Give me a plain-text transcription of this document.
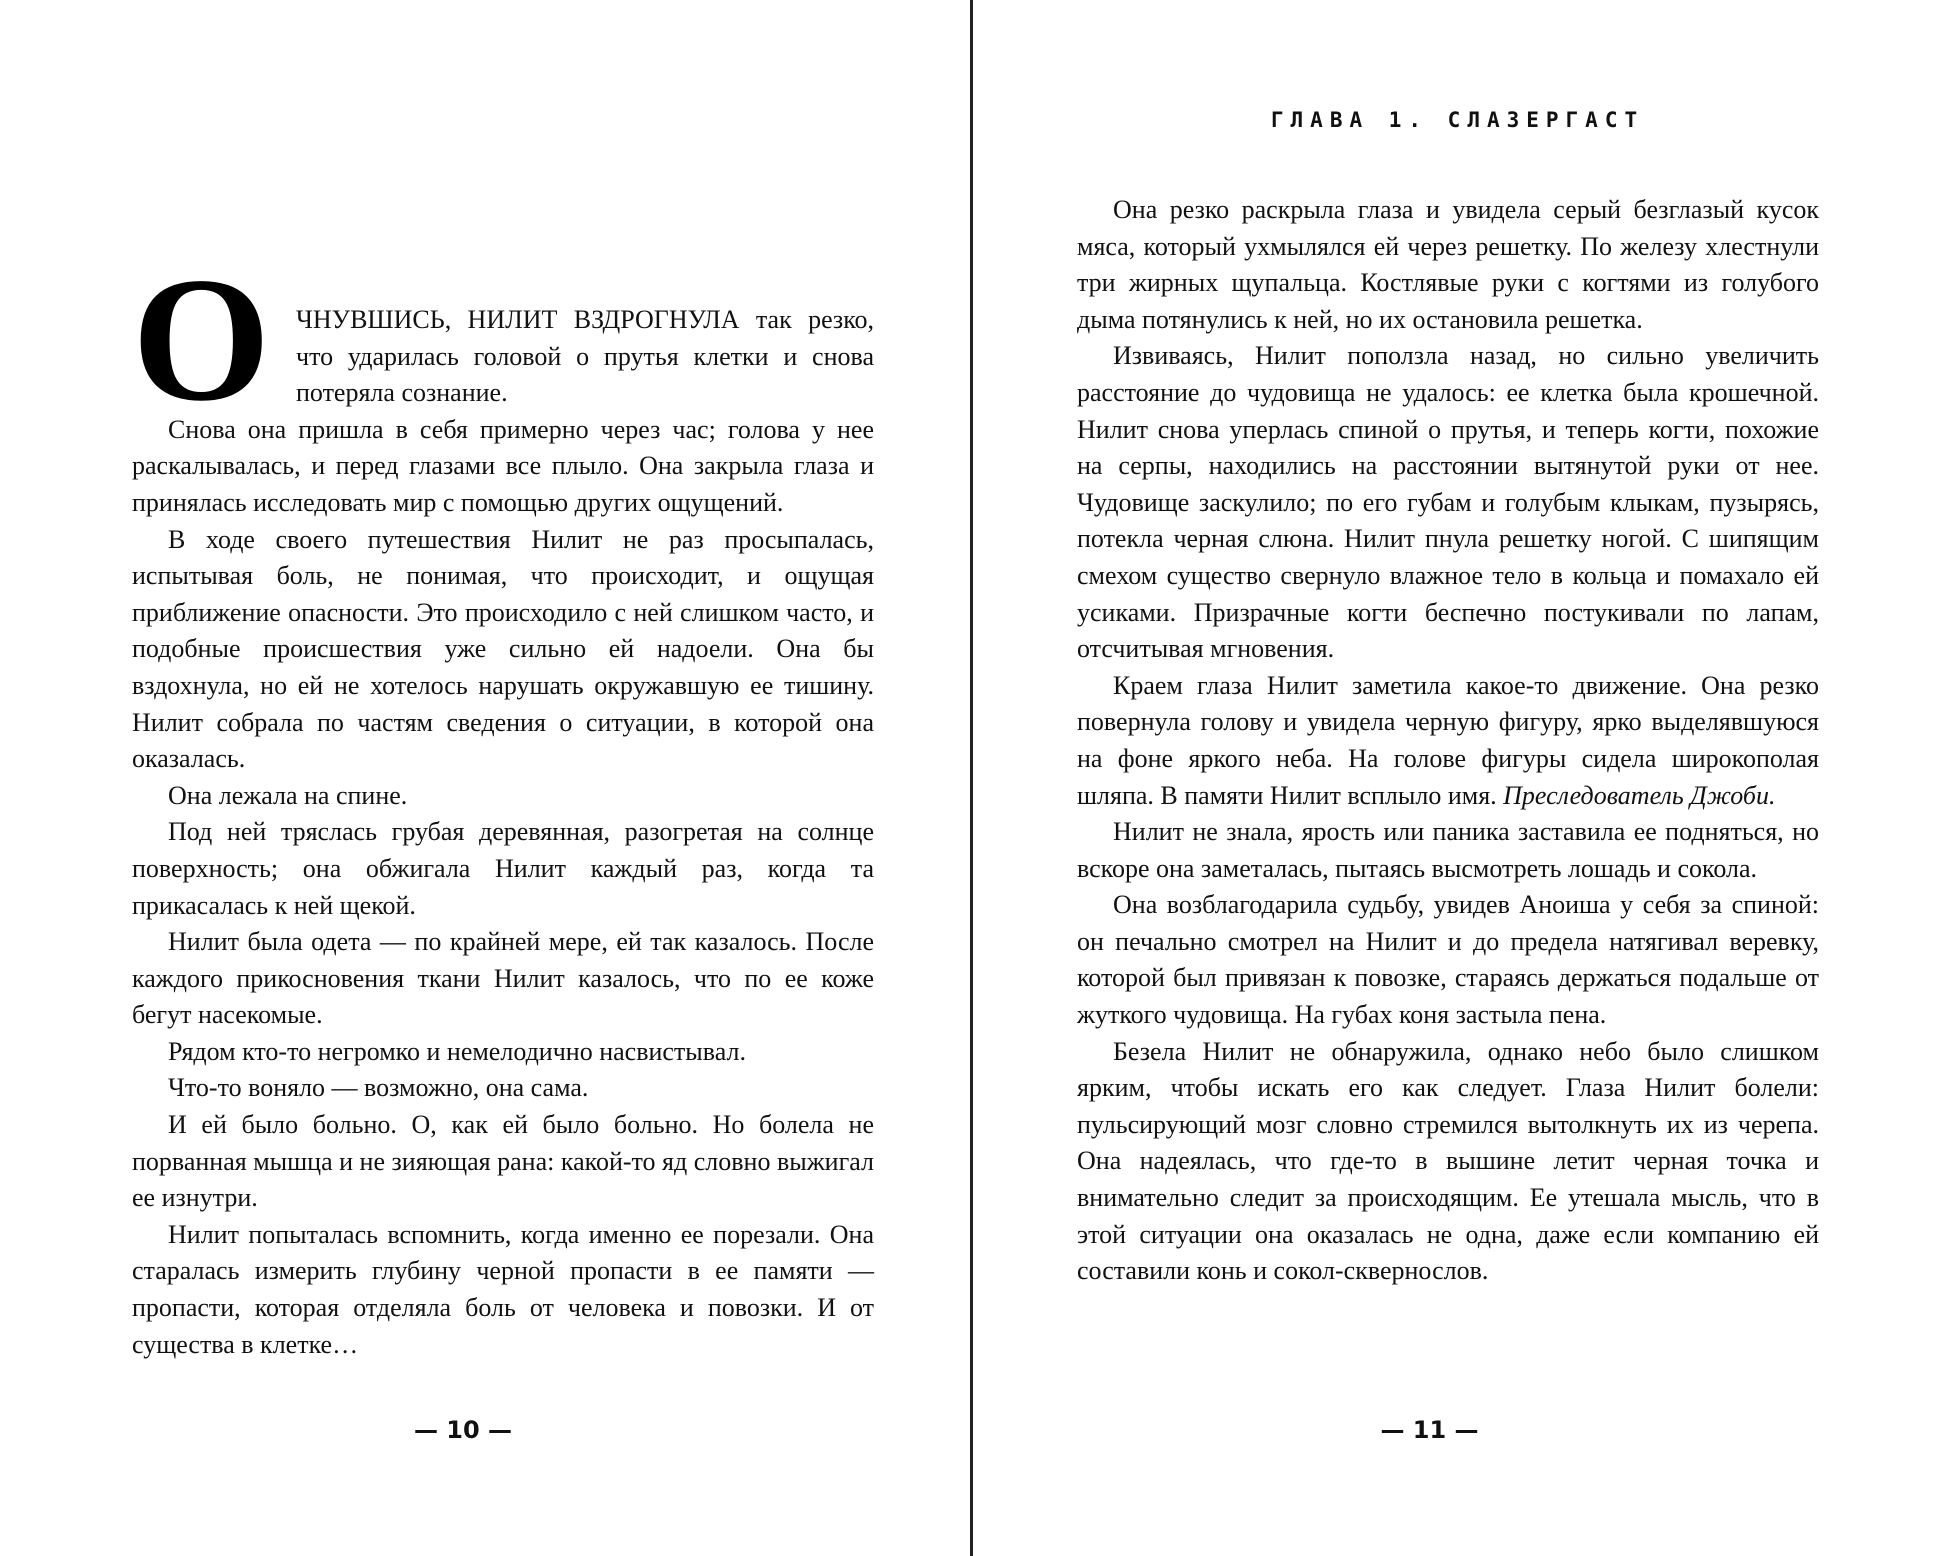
О ЧНУВШИСЬ, НИЛИТ ВЗДРОГНУЛА так резко, что ударилась головой о прутья клетки и снова потеряла сознание.

Снова она пришла в себя примерно через час; голова у нее раскалывалась, и перед глазами все плыло. Она закрыла глаза и принялась исследовать мир с помощью других ощущений.

В ходе своего путешествия Нилит не раз просыпалась, испытывая боль, не понимая, что происходит, и ощущая приближение опасности. Это происходило с ней слишком часто, и подобные происшествия уже сильно ей надоели. Она бы вздохнула, но ей не хотелось нарушать окружавшую ее тишину. Нилит собрала по частям сведения о ситуации, в которой она оказалась.

Она лежала на спине.

Под ней тряслась грубая деревянная, разогретая на солнце поверхность; она обжигала Нилит каждый раз, когда та прикасалась к ней щекой.

Нилит была одета — по крайней мере, ей так казалось. После каждого прикосновения ткани Нилит казалось, что по ее коже бегут насекомые.

Рядом кто-то негромко и немелодично насвистывал.

Что-то воняло — возможно, она сама.

И ей было больно. О, как ей было больно. Но болела не порванная мышца и не зияющая рана: какой-то яд словно выжигал ее изнутри.

Нилит попыталась вспомнить, когда именно ее порезали. Она старалась измерить глубину черной пропасти в ее памяти — пропасти, которая отделяла боль от человека и повозки. И от существа в клетке…

— 10 —
ГЛАВА 1. СЛАЗЕРГАСТ

Она резко раскрыла глаза и увидела серый безглазый кусок мяса, который ухмылялся ей через решетку. По железу хлестнули три жирных щупальца. Костлявые руки с когтями из голубого дыма потянулись к ней, но их остановила решетка.

Извиваясь, Нилит поползла назад, но сильно увеличить расстояние до чудовища не удалось: ее клетка была крошечной. Нилит снова уперлась спиной о прутья, и теперь когти, похожие на серпы, находились на расстоянии вытянутой руки от нее. Чудовище заскулило; по его губам и голубым клыкам, пузырясь, потекла черная слюна. Нилит пнула решетку ногой. С шипящим смехом существо свернуло влажное тело в кольца и помахало ей усиками. Призрачные когти беспечно постукивали по лапам, отсчитывая мгновения.

Краем глаза Нилит заметила какое-то движение. Она резко повернула голову и увидела черную фигуру, ярко выделявшуюся на фоне яркого неба. На голове фигуры сидела широкополая шляпа. В памяти Нилит всплыло имя. Преследователь Джоби.

Нилит не знала, ярость или паника заставила ее подняться, но вскоре она заметалась, пытаясь высмотреть лошадь и сокола.

Она возблагодарила судьбу, увидев Аноиша у себя за спиной: он печально смотрел на Нилит и до предела натягивал веревку, которой был привязан к повозке, стараясь держаться подальше от жуткого чудовища. На губах коня застыла пена.

Безела Нилит не обнаружила, однако небо было слишком ярким, чтобы искать его как следует. Глаза Нилит болели: пульсирующий мозг словно стремился вытолкнуть их из черепа. Она надеялась, что где-то в вышине летит черная точка и внимательно следит за происходящим. Ее утешала мысль, что в этой ситуации она оказалась не одна, даже если компанию ей составили конь и сокол-сквернослов.

— 11 —
